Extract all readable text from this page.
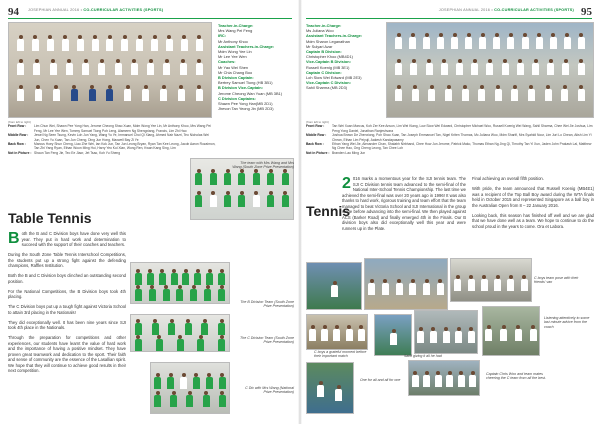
94 JOSEPHIAN ANNUAL 2016 • CO-CURRICULAR ACTIVITIES (SPORTS)
Teacher-in-Charge:
Mrs Wang Pei Feng
IRC:
Mr Anthony Khoo
Assistant Teachers-in-Charge:
Mdm Wong Yee Lin
Mr Lee Yee Wen
Coaches:
Mr Yao Wei Shen
Mr Chia Chang Boo
B Division Captain:
Bertrey Samuel Tiong (HB 3B1)
B Division Vice-Captain:
Jerome Cheong Wan Yuan (MB 3B1)
C Division Captains:
Shawn Pee Yong Han(MB 2D1)
Jhevon Tan Yeong Jin (MB 2D3)
(from left to right)
Front Row :	Lim Chun Wei, Shawn Pee Yong Han, Jerome Cheong Shao Xuan, Mdm Wong Yee Lin, Mr Anthony Khoo, Mrs Wang Pei Feng, Mr Lee Yee Wen, Tommy Samuel Tiong Poh Leng, Alameen Ng Shengxiang, Francis, Lim Zhi Hao
Middle Row :	Jewel Ng Seen Tsung, Kevin Loh Jun Yang, Wang Yu Ye, Immanuel Choi Qi Xiang, Ahmed Nair Nazri, Teo Nicholas Wei Jun, Chen Yu Xuan, Tan Jun Cheng, Ding Jun Hong, Maxwell Bay Zi Ye
Back Row :	Marcus Hoey Shun Cheng, Liao Zhe Wei, Ian Kok Jun, Tan Jun Leong Bryan, Ryan Tan Kee Leong, Jacob Aaron Rozaimon, Tan Zhi Yang Ryan, Ethan Woon Ming Hui, Harry Yeo Kui Xian, Wong Ren, Kwan Kang Sing, Lim
Not in Picture : Shaun Tan Feng Jie, Teo Ee Jiaor, Jet Tsao, Koh Yu Sheng
The team with Mrs Wang and Mrs Wang (South Zone Prize Presentation)
Table Tennis

Both the B and C Division boys have done very well this year. They put in hard work and determination to succeed with the support of their coaches and teachers.

During the South Zone Table Tennis Interschool Competitions, the students put up a strong fight against the defending champions, Raffles Institution.

Both the B and C Division boys clinched an outstanding second position.

For the National Competitions, the B Division boys took 4th placing.

The C Division boys put up a tough fight against Victoria School to attain 3rd placing in the Nationals!

They did exceptionally well. It has been nine years since SJI took 4th place in the Nationals.

Through the preparation for competitions and other experiences, our students have learnt the value of hard work and the importance of having a positive mindset. They have proven great teamwork and dedication to the sport. Their faith and sense of community are the essence of the Lasallian spirit. We hope that they will continue to achieve good results in their next competition.

The B Division Team (South Zone Prize Presentation)
The C Division Team (South Zone Prize Presentation)
C Div with Mrs Wang (National Prize Presentation)
95
JOSEPHIAN ANNUAL 2016 • CO-CURRICULAR ACTIVITIES (SPORTS)
Teacher-in-Charge:
Ms Juliana Woo
Assistant Teachers-in-Charge:
Mdm Sharon Leganathan
Mr Sulyari Azar
Captain B Division:
Christopher Khoo (MB4D1)
Vice-Captain B Division:
Russell Koenig (MB 3E1)
Captain C Division:
Loh Siow Wei Edward (MB 2E3)
Vice-Captain C Division:
Sahil Sharma (MB 2D3)
(from left to right)
Front Row :	Tan Wei Xuan Marcus, Koh Zer Kee Anson, Lim Wei Kiang, Low Siow Wei Edward, Christopher Michael Woo, Russell Koenig Wei Wang, Sahil Sharma, Chee Wei Jie Joshua, Lim Peng Yong Daniel, Jonathan Ranjeshvara
Middle Row :	Joshua Brown De Zhenxiong, Poh Shao Xuan, Tan Joseph Emmanuel Tan, Nigel Kriten Thomas, Mc Juliana Woo, Mdm Sharifi, Mrs Syahidi Nour, Lim Juri Lo Chean, Atish Lim Yi Chean, Ethan Lim Peiyuji, Aakesh Kandapasamy
Back Row :	Ethan Yang Wei Jie, Alexander Chan, Shalabh Nirbhand, Chee How Jun Jerome, Patrick Mako, Thomas Ethan Ng Jing Qi, Timothy Tan Yi Xun, Jaden John Prakash Lal, Matthew Ng Chee Hao, Ong Cheng Leong, Tan Chee Loh
Not in Picture : Branden Lau Ming Jun
Tennis

2 016 marks a momentous year for the SJI tennis team. The SJI C Division tennis team advanced to the semi-final of the National Inter-School Tennis Championship. The last time we achieved the semi-final was over 20 years ago in 1996! It was also thanks to hard work, rigorous training and team effort that the team managed to beat Victoria School and SJI International in the group stage before advancing into the semi-final. We then played against ACS (Barker Road) and finally emerged 4th in the Finals. Our B division boys also did exceptionally well this year and were runners up in the Plate.

Final achieving an overall fifth position.

With pride, the team announced that Russell Koenig (MB4E1) was a recipient of the Top Ball Boy award during the WTA finals held in October 2015 and represented Singapore as a ball boy in the Australian Open from 8 – 22 January 2016.

Looking back, this season has finished off well and we are glad that we have done well as a team. We hope to continue to do the school proud in the years to come. Ora et Labora.

C boys team pose with their friends' van
Listening attentively to some last minute advice from the coach
C boys a grateful moment before their important match	Sahil giving it all he had
One for all and all for one
Captain Chris Woo and team mates cheering the C team from all the best.
